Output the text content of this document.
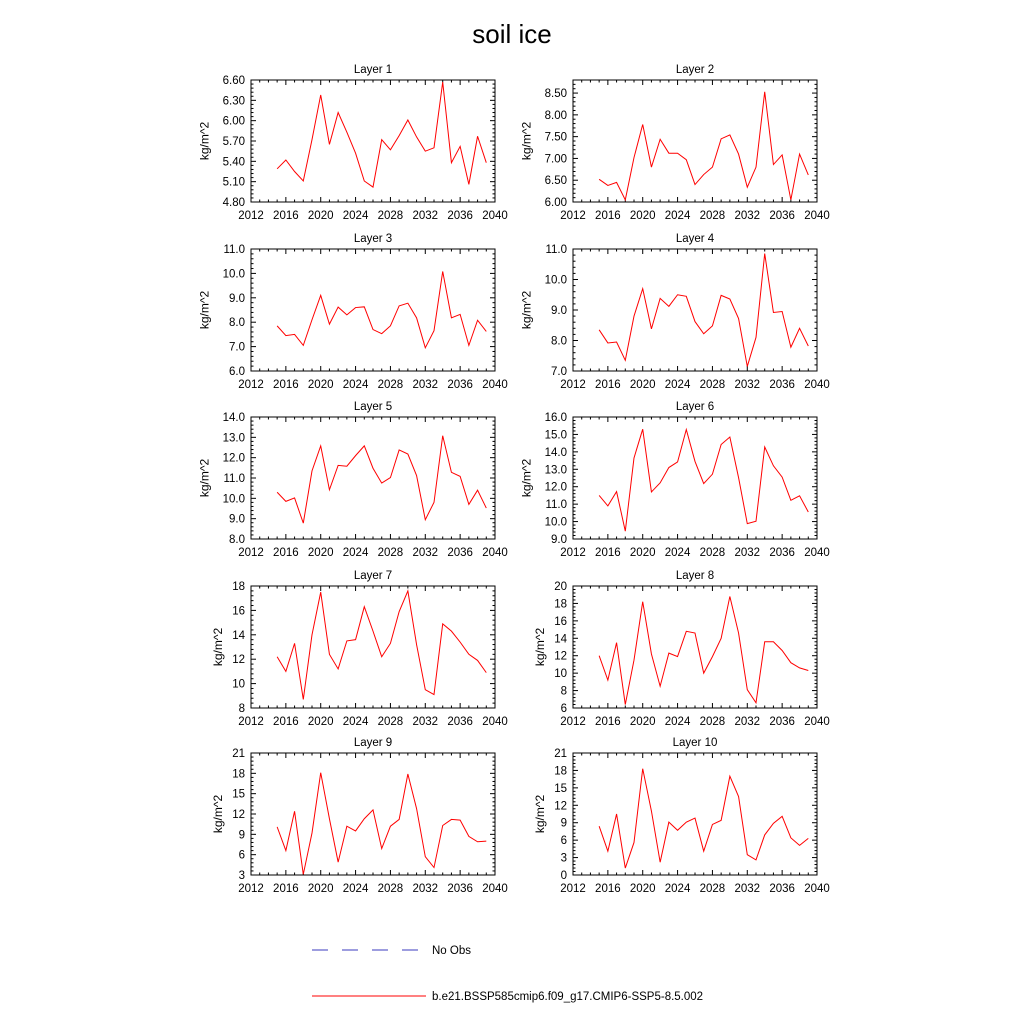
soil ice
Layer 1
2012 2016 2020 2024 2028 2032 2036 2040
4.80
5.10
5.40
5.70
6.00
6.30
6.60
kg/m^2
Layer 2
2012 2016 2020 2024 2028 2032 2036 2040
6.00
6.50
7.00
7.50
8.00
8.50
kg/m^2
Layer 3
2012 2016 2020 2024 2028 2032 2036 2040
6.0
7.0
8.0
9.0
10.0
11.0
kg/m^2
Layer 4
2012 2016 2020 2024 2028 2032 2036 2040
7.0
8.0
9.0
10.0
11.0
kg/m^2
Layer 5
2012 2016 2020 2024 2028 2032 2036 2040
8.0
9.0
10.0
11.0
12.0
13.0
14.0
kg/m^2
Layer 6
2012 2016 2020 2024 2028 2032 2036 2040
9.0
10.0
11.0
12.0
13.0
14.0
15.0
16.0
kg/m^2
Layer 7
2012 2016 2020 2024 2028 2032 2036 2040
8
10
12
14
16
18
kg/m^2
Layer 8
2012 2016 2020 2024 2028 2032 2036 2040
6
8
10
12
14
16
18
20
kg/m^2
Layer 9
2012 2016 2020 2024 2028 2032 2036 2040
3
6
9
12
15
18
21
kg/m^2
Layer 10
2012 2016 2020 2024 2028 2032 2036 2040
0
3
6
9
12
15
18
21
kg/m^2
No Obs
b.e21.BSSP585cmip6.f09_g17.CMIP6-SSP5-8.5.002
